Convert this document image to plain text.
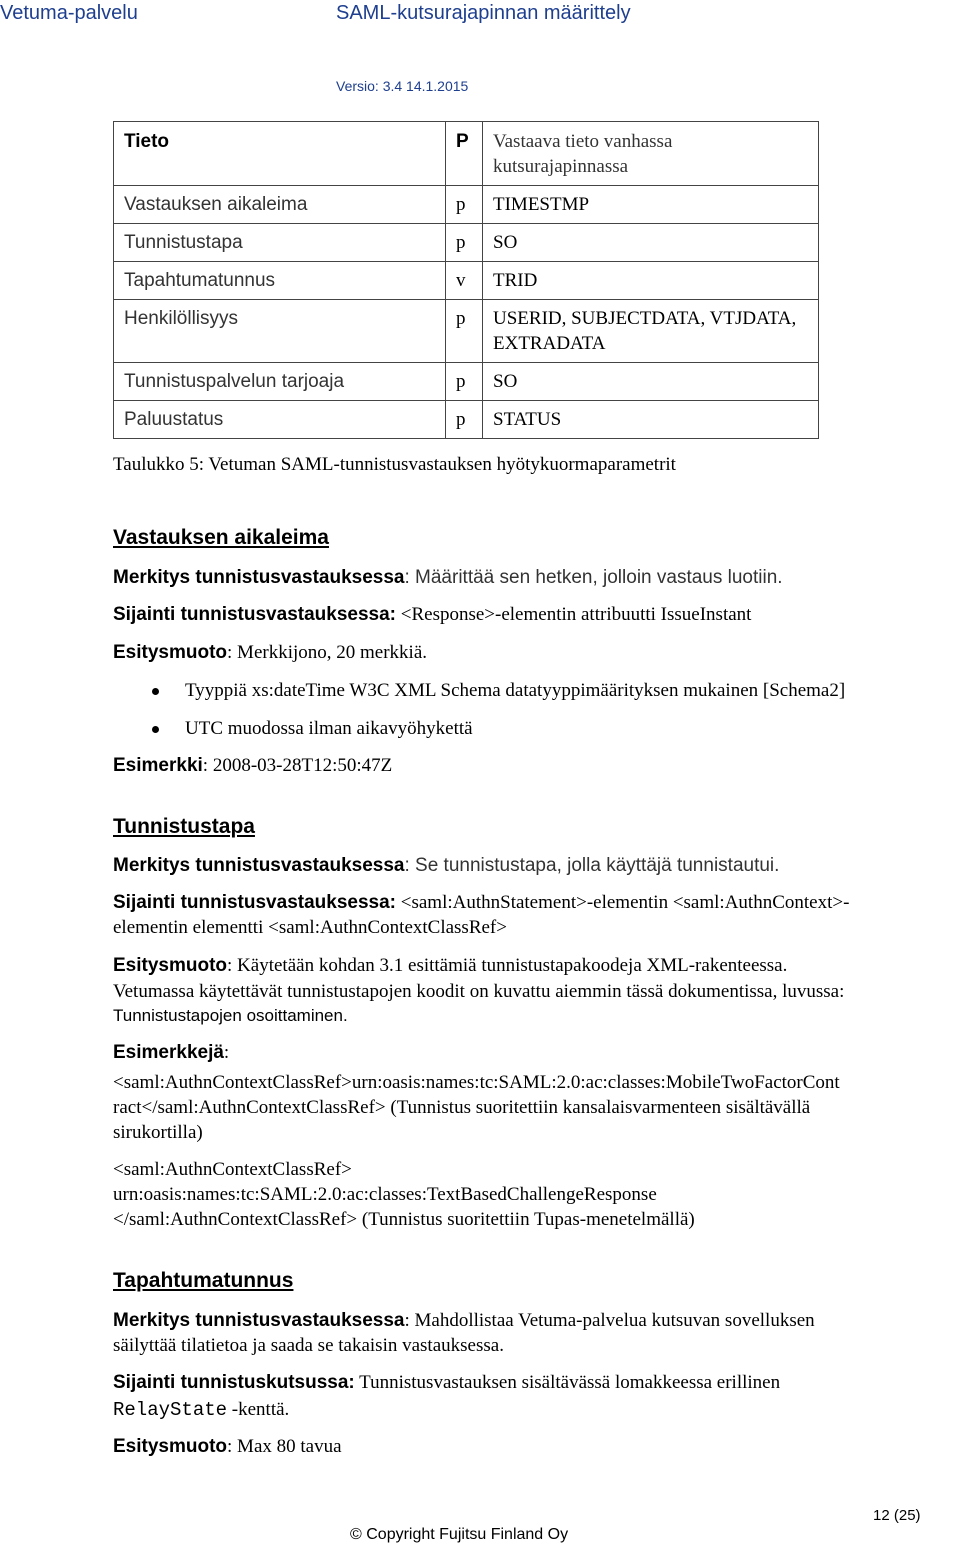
Vetuma-palvelu	SAML-kutsurajapinnan määrittely
Versio: 3.4 14.1.2015
Tieto	P	Vastaava tieto vanhassa kutsurajapinnassa
Vastauksen aikaleima	p	TIMESTMP
Tunnistustapa	p	SO
Tapahtumatunnus	v	TRID
Henkilöllisyys	p	USERID, SUBJECTDATA, VTJDATA, EXTRADATA
Tunnistuspalvelun tarjoaja	p	SO
Paluustatus	p	STATUS
Taulukko 5: Vetuman SAML-tunnistusvastauksen hyötykuormaparametrit
Vastauksen aikaleima
Merkitys tunnistusvastauksessa: Määrittää sen hetken, jolloin vastaus luotiin.
Sijainti tunnistusvastauksessa: <Response>-elementin attribuutti IssueInstant
Esitysmuoto: Merkkijono, 20 merkkiä.
Tyyppiä xs:dateTime W3C XML Schema datatyyppimäärityksen mukainen [Schema2]
UTC muodossa ilman aikavyöhykettä
Esimerkki: 2008-03-28T12:50:47Z
Tunnistustapa
Merkitys tunnistusvastauksessa: Se tunnistustapa, jolla käyttäjä tunnistautui.
Sijainti tunnistusvastauksessa: <saml:AuthnStatement>-elementin <saml:AuthnContext>-
elementin elementti <saml:AuthnContextClassRef>
Esitysmuoto: Käytetään kohdan 3.1 esittämiä tunnistustapakoodeja XML-rakenteessa.
Vetumassa käytettävät tunnistustapojen koodit on kuvattu aiemmin tässä dokumentissa, luvussa:
Tunnistustapojen osoittaminen.
Esimerkkejä:
<saml:AuthnContextClassRef>urn:oasis:names:tc:SAML:2.0:ac:classes:MobileTwoFactorCont
ract</saml:AuthnContextClassRef> (Tunnistus suoritettiin kansalaisvarmenteen sisältävällä
sirukortilla)
<saml:AuthnContextClassRef>
urn:oasis:names:tc:SAML:2.0:ac:classes:TextBasedChallengeResponse
</saml:AuthnContextClassRef> (Tunnistus suoritettiin Tupas-menetelmällä)
Tapahtumatunnus
Merkitys tunnistusvastauksessa: Mahdollistaa Vetuma-palvelua kutsuvan sovelluksen
säilyttää tilatietoa ja saada se takaisin vastauksessa.
Sijainti tunnistuskutsussa: Tunnistusvastauksen sisältävässä lomakkeessa erillinen
RelayState -kenttä.
Esitysmuoto: Max 80 tavua
12 (25)
© Copyright Fujitsu Finland Oy
